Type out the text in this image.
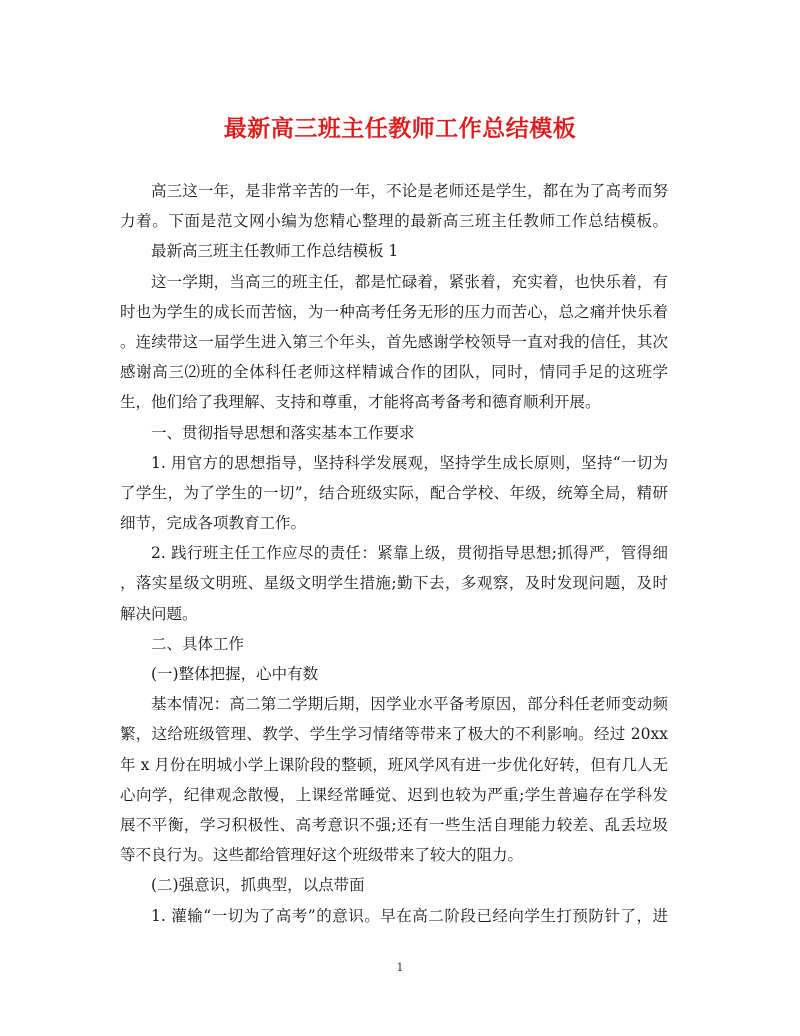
最新高三班主任教师工作总结模板
高三这一年，是非常辛苦的一年，不论是老师还是学生，都在为了高考而努
力着。下面是范文网小编为您精心整理的最新高三班主任教师工作总结模板。
最新高三班主任教师工作总结模板 1
这一学期，当高三的班主任，都是忙碌着，紧张着，充实着，也快乐着，有
时也为学生的成长而苦恼，为一种高考任务无形的压力而苦心，总之痛并快乐着
。连续带这一届学生进入第三个年头，首先感谢学校领导一直对我的信任，其次
感谢高三⑵班的全体科任老师这样精诚合作的团队，同时，情同手足的这班学
生，他们给了我理解、支持和尊重，才能将高考备考和德育顺利开展。
一、贯彻指导思想和落实基本工作要求
1. 用官方的思想指导，坚持科学发展观，坚持学生成长原则，坚持“一切为
了学生，为了学生的一切”，结合班级实际，配合学校、年级，统筹全局，精研
细节，完成各项教育工作。
2. 践行班主任工作应尽的责任：紧靠上级，贯彻指导思想;抓得严，管得细
，落实星级文明班、星级文明学生措施;勤下去，多观察，及时发现问题，及时
解决问题。
二、具体工作
(一)整体把握，心中有数
基本情况：高二第二学期后期，因学业水平备考原因，部分科任老师变动频
繁，这给班级管理、教学、学生学习情绪等带来了极大的不利影响。经过 20xx
年 x 月份在明城小学上课阶段的整顿，班风学风有进一步优化好转，但有几人无
心向学，纪律观念散慢，上课经常睡觉、迟到也较为严重;学生普遍存在学科发
展不平衡，学习积极性、高考意识不强;还有一些生活自理能力较差、乱丢垃圾
等不良行为。这些都给管理好这个班级带来了较大的阻力。
(二)强意识，抓典型，以点带面
1. 灌输“一切为了高考”的意识。早在高二阶段已经向学生打预防针了，进
1
